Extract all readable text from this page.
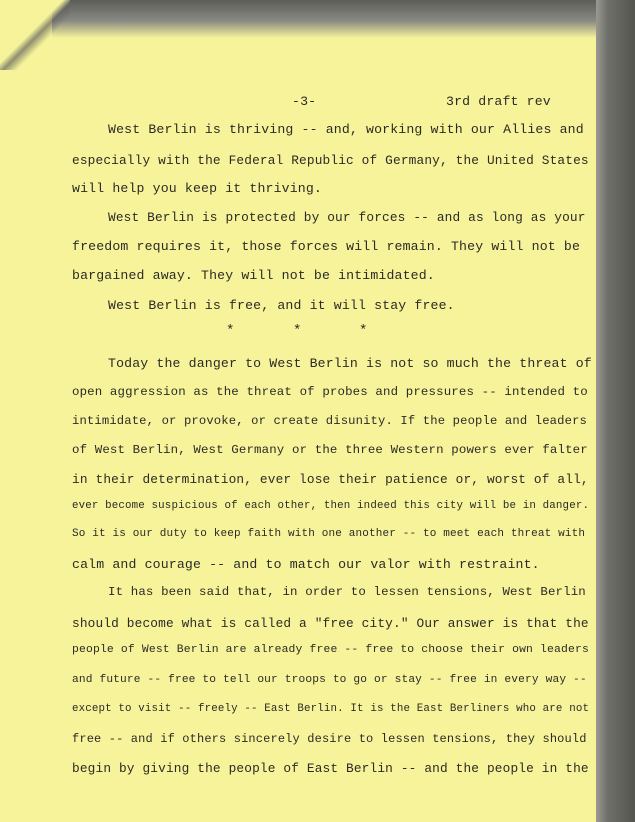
-3-	3rd draft rev
West Berlin is thriving -- and, working with our Allies and
especially with the Federal Republic of Germany, the United States
will help you keep it thriving.
West Berlin is protected by our forces -- and as long as your
freedom requires it, those forces will remain. They will not be
bargained away. They will not be intimidated.
West Berlin is free, and it will stay free.
*	*	*
Today the danger to West Berlin is not so much the threat of
open aggression as the threat of probes and pressures -- intended to
intimidate, or provoke, or create disunity. If the people and leaders
of West Berlin, West Germany or the three Western powers ever falter
in their determination, ever lose their patience or, worst of all,
ever become suspicious of each other, then indeed this city will be in danger.
So it is our duty to keep faith with one another -- to meet each threat with
calm and courage -- and to match our valor with restraint.
It has been said that, in order to lessen tensions, West Berlin
should become what is called a "free city." Our answer is that the
people of West Berlin are already free -- free to choose their own leaders
and future -- free to tell our troops to go or stay -- free in every way --
except to visit -- freely -- East Berlin. It is the East Berliners who are not
free -- and if others sincerely desire to lessen tensions, they should
begin by giving the people of East Berlin -- and the people in the
